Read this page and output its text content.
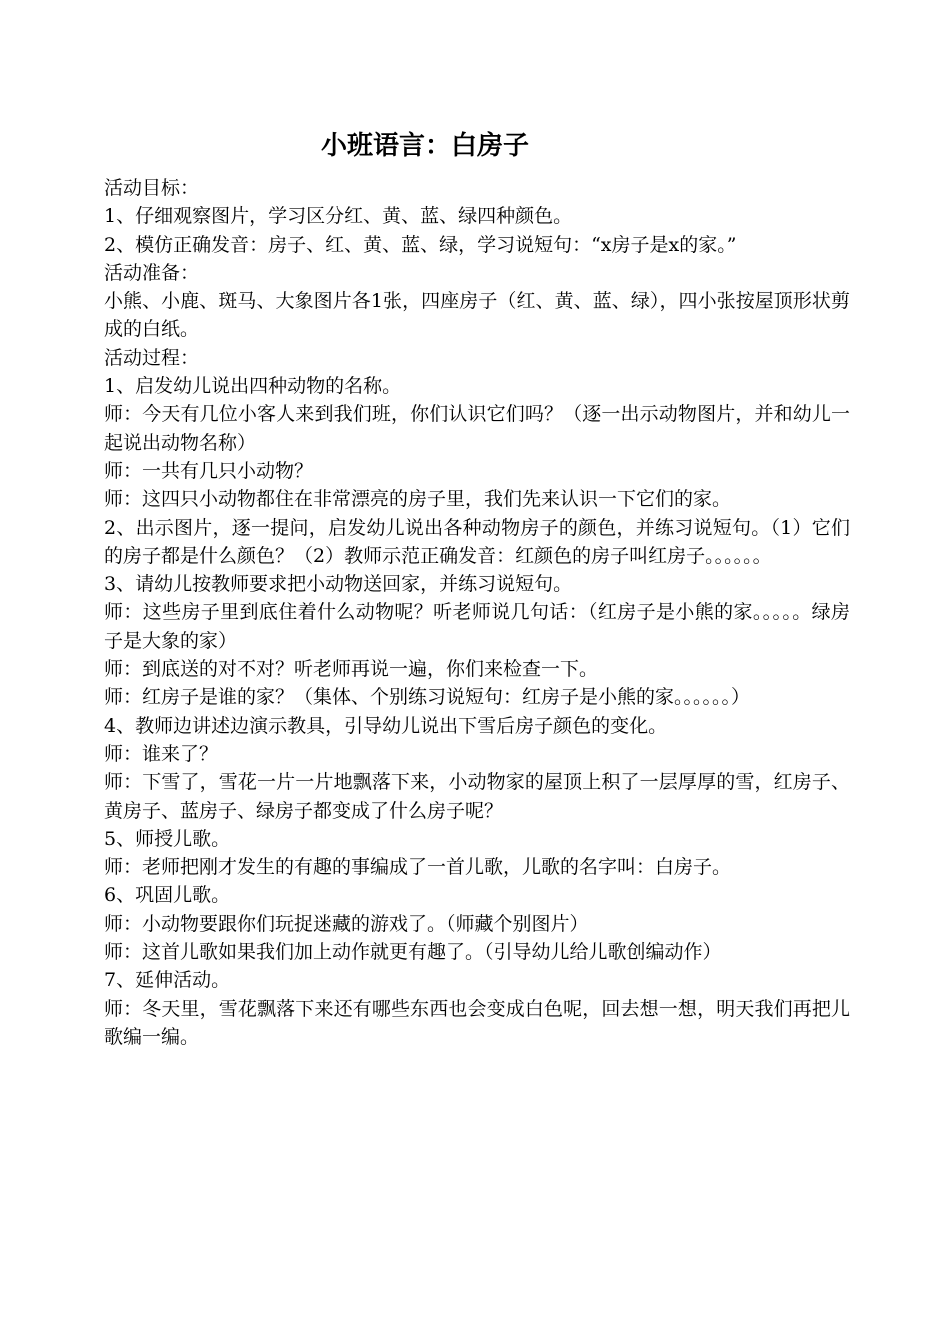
小班语言：白房子

活动目标：

1、仔细观察图片，学习区分红、黄、蓝、绿四种颜色。

2、模仿正确发音：房子、红、黄、蓝、绿，学习说短句：“x房子是x的家。”

活动准备：

小熊、小鹿、斑马、大象图片各1张，四座房子（红、黄、蓝、绿），四小张按屋顶形状剪成的白纸。

活动过程：

1、启发幼儿说出四种动物的名称。

师：今天有几位小客人来到我们班，你们认识它们吗？（逐一出示动物图片，并和幼儿一起说出动物名称）

师：一共有几只小动物？

师：这四只小动物都住在非常漂亮的房子里，我们先来认识一下它们的家。

2、出示图片，逐一提问，启发幼儿说出各种动物房子的颜色，并练习说短句。（1）它们的房子都是什么颜色？（2）教师示范正确发音：红颜色的房子叫红房子。。。。。。

3、请幼儿按教师要求把小动物送回家，并练习说短句。

师：这些房子里到底住着什么动物呢？听老师说几句话：（红房子是小熊的家。。。。。绿房子是大象的家）

师：到底送的对不对？听老师再说一遍，你们来检查一下。

师：红房子是谁的家？（集体、个别练习说短句：红房子是小熊的家。。。。。。）

4、教师边讲述边演示教具，引导幼儿说出下雪后房子颜色的变化。

师：谁来了？

师：下雪了，雪花一片一片地飘落下来，小动物家的屋顶上积了一层厚厚的雪，红房子、黄房子、蓝房子、绿房子都变成了什么房子呢？

5、师授儿歌。

师：老师把刚才发生的有趣的事编成了一首儿歌，儿歌的名字叫：白房子。

6、巩固儿歌。

师：小动物要跟你们玩捉迷藏的游戏了。（师藏个别图片）

师：这首儿歌如果我们加上动作就更有趣了。（引导幼儿给儿歌创编动作）

7、延伸活动。

师：冬天里，雪花飘落下来还有哪些东西也会变成白色呢，回去想一想，明天我们再把儿歌编一编。
